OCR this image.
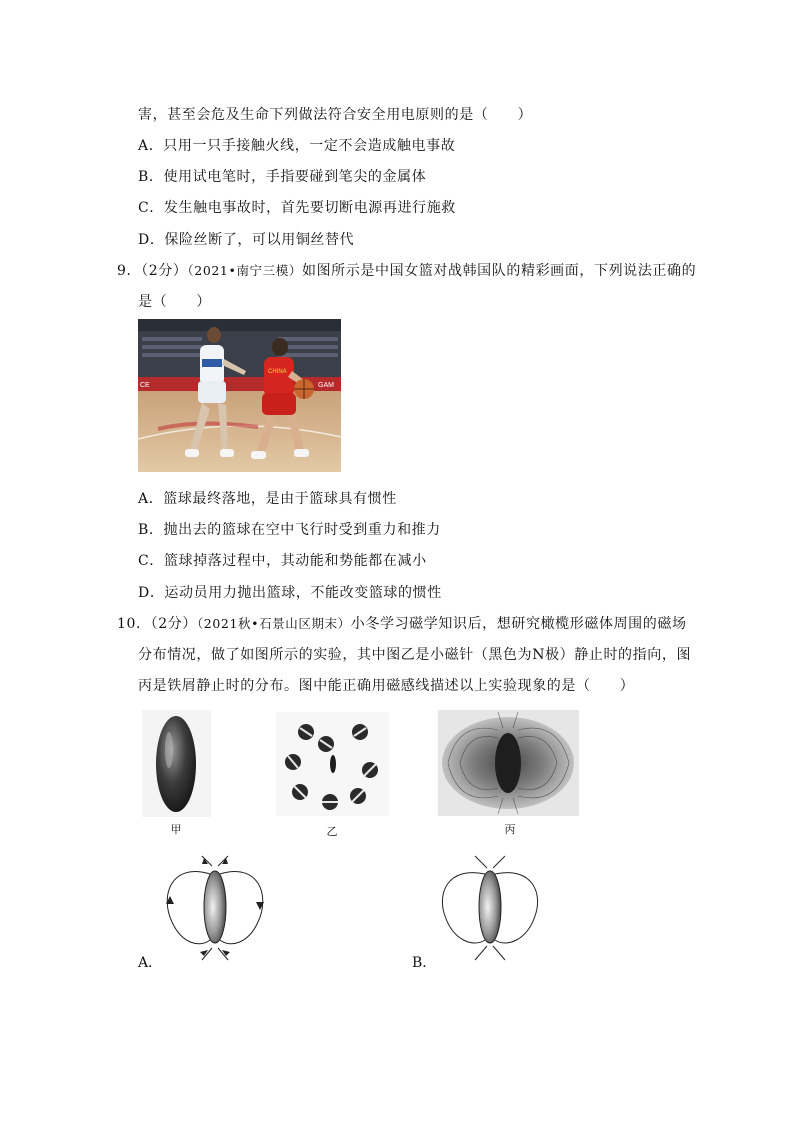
害，甚至会危及生命下列做法符合安全用电原则的是（　　）
A．只用一只手接触火线，一定不会造成触电事故
B．使用试电笔时，手指要碰到笔尖的金属体
C．发生触电事故时，首先要切断电源再进行施救
D．保险丝断了，可以用铜丝替代
9．（2分）（2021•南宁三模）如图所示是中国女篮对战韩国队的精彩画面，下列说法正确的
是（　　）
GAM
CE
CHINA
A．篮球最终落地，是由于篮球具有惯性
B．抛出去的篮球在空中飞行时受到重力和推力
C．篮球掉落过程中，其动能和势能都在减小
D．运动员用力抛出篮球，不能改变篮球的惯性
10．（2分）（2021秋•石景山区期末）小冬学习磁学知识后，想研究橄榄形磁体周围的磁场
分布情况，做了如图所示的实验，其中图乙是小磁针（黑色为N极）静止时的指向，图
丙是铁屑静止时的分布。图中能正确用磁感线描述以上实验现象的是（　　）
甲	乙	丙
A．	B．
